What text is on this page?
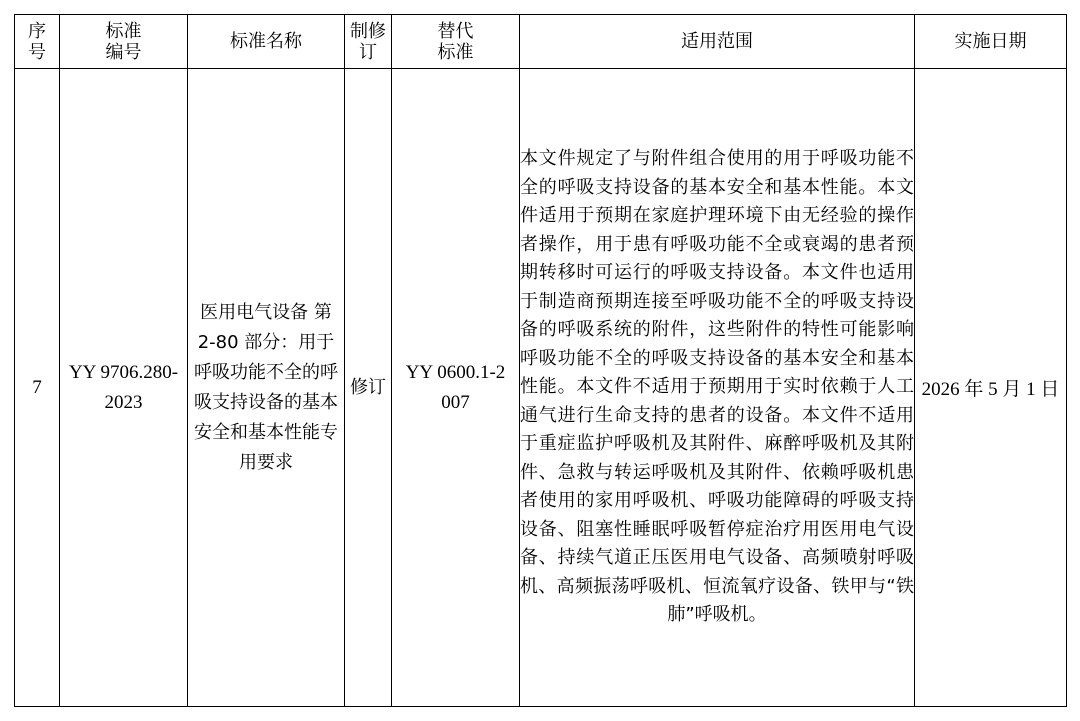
序号	标准编号	标准名称	制修订	替代标准	适用范围	实施日期
7	YY 9706.280-2023	医用电气设备 第 2-80 部分：用于呼吸功能不全的呼吸支持设备的基本安全和基本性能专用要求	修订	YY 0600.1-2007	本文件规定了与附件组合使用的用于呼吸功能不全的呼吸支持设备的基本安全和基本性能。本文件适用于预期在家庭护理环境下由无经验的操作者操作，用于患有呼吸功能不全或衰竭的患者预期转移时可运行的呼吸支持设备。本文件也适用于制造商预期连接至呼吸功能不全的呼吸支持设备的呼吸系统的附件，这些附件的特性可能影响呼吸功能不全的呼吸支持设备的基本安全和基本性能。本文件不适用于预期用于实时依赖于人工通气进行生命支持的患者的设备。本文件不适用于重症监护呼吸机及其附件、麻醉呼吸机及其附件、急救与转运呼吸机及其附件、依赖呼吸机患者使用的家用呼吸机、呼吸功能障碍的呼吸支持设备、阻塞性睡眠呼吸暂停症治疗用医用电气设备、持续气道正压医用电气设备、高频喷射呼吸机、高频振荡呼吸机、恒流氧疗设备、铁甲与“铁肺”呼吸机。	2026 年 5 月 1 日
